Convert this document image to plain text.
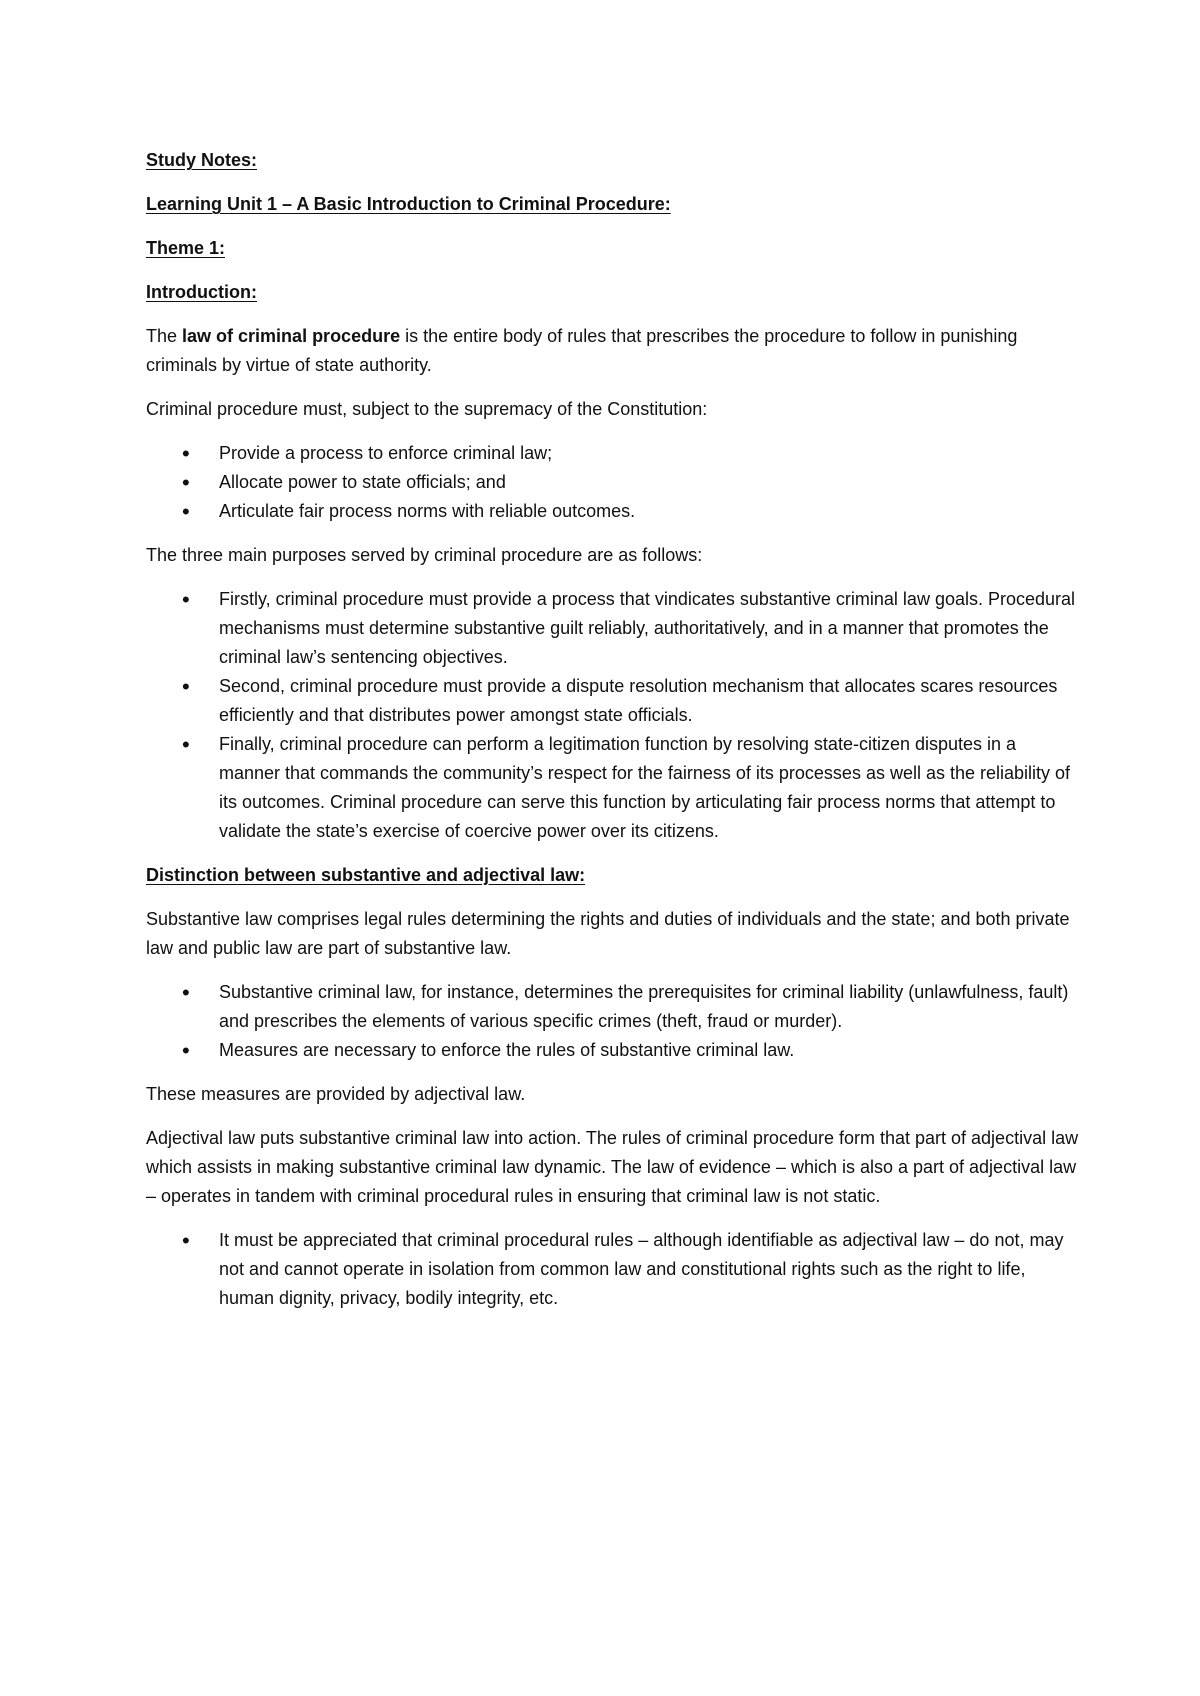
Study Notes:
Learning Unit 1 – A Basic Introduction to Criminal Procedure:
Theme 1:
Introduction:

The law of criminal procedure is the entire body of rules that prescribes the procedure to follow in punishing criminals by virtue of state authority.

Criminal procedure must, subject to the supremacy of the Constitution:

• Provide a process to enforce criminal law;
• Allocate power to state officials; and
• Articulate fair process norms with reliable outcomes.

The three main purposes served by criminal procedure are as follows:

• Firstly, criminal procedure must provide a process that vindicates substantive criminal law goals. Procedural mechanisms must determine substantive guilt reliably, authoritatively, and in a manner that promotes the criminal law’s sentencing objectives.
• Second, criminal procedure must provide a dispute resolution mechanism that allocates scares resources efficiently and that distributes power amongst state officials.
• Finally, criminal procedure can perform a legitimation function by resolving state-citizen disputes in a manner that commands the community’s respect for the fairness of its processes as well as the reliability of its outcomes. Criminal procedure can serve this function by articulating fair process norms that attempt to validate the state’s exercise of coercive power over its citizens.
Distinction between substantive and adjectival law:

Substantive law comprises legal rules determining the rights and duties of individuals and the state; and both private law and public law are part of substantive law.

• Substantive criminal law, for instance, determines the prerequisites for criminal liability (unlawfulness, fault) and prescribes the elements of various specific crimes (theft, fraud or murder).
• Measures are necessary to enforce the rules of substantive criminal law.

These measures are provided by adjectival law.

Adjectival law puts substantive criminal law into action. The rules of criminal procedure form that part of adjectival law which assists in making substantive criminal law dynamic. The law of evidence – which is also a part of adjectival law – operates in tandem with criminal procedural rules in ensuring that criminal law is not static.

• It must be appreciated that criminal procedural rules – although identifiable as adjectival law – do not, may not and cannot operate in isolation from common law and constitutional rights such as the right to life, human dignity, privacy, bodily integrity, etc.
